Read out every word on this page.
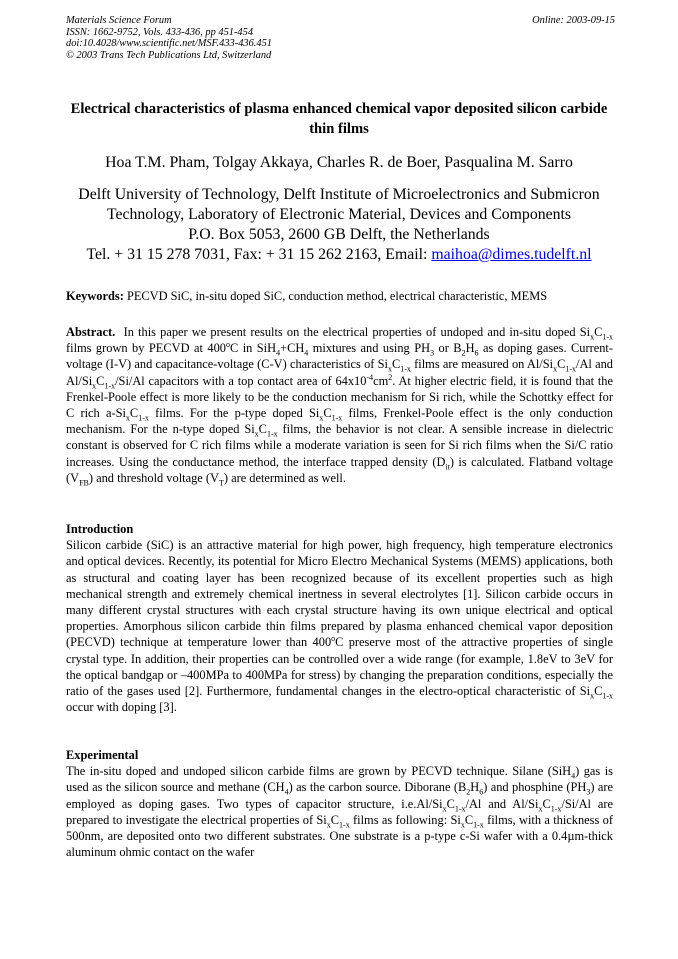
Materials Science Forum
ISSN: 1662-9752, Vols. 433-436, pp 451-454
doi:10.4028/www.scientific.net/MSF.433-436.451
© 2003 Trans Tech Publications Ltd, Switzerland
Online: 2003-09-15
Electrical characteristics of plasma enhanced chemical vapor deposited silicon carbide thin films
Hoa T.M. Pham, Tolgay Akkaya, Charles R. de Boer, Pasqualina M. Sarro
Delft University of Technology, Delft Institute of Microelectronics and Submicron
Technology, Laboratory of Electronic Material, Devices and Components
P.O. Box 5053, 2600 GB Delft, the Netherlands
Tel. + 31 15 278 7031, Fax: + 31 15 262 2163, Email: maihoa@dimes.tudelft.nl
Keywords: PECVD SiC, in-situ doped SiC, conduction method, electrical characteristic, MEMS
Abstract. In this paper we present results on the electrical properties of undoped and in-situ doped $Si_xC_{1-x}$ films grown by PECVD at 400$^o$C in $SiH_4+CH_4$ mixtures and using $PH_3$ or $B_2H_6$ as doping gases. Current-voltage (I-V) and capacitance-voltage (C-V) characteristics of $Si_xC_{1-x}$ films are measured on $Al/Si_xC_{1-x}/Al$ and $Al/Si_xC_{1-x}/Si/Al$ capacitors with a top contact area of $64x10^{-4}cm^2$. At higher electric field, it is found that the Frenkel-Poole effect is more likely to be the conduction mechanism for Si rich, while the Schottky effect for C rich $a-Si_xC_{1-x}$ films. For the p-type doped $Si_xC_{1-x}$ films, Frenkel-Poole effect is the only conduction mechanism. For the n-type doped $Si_xC_{1-x}$ films, the behavior is not clear. A sensible increase in dielectric constant is observed for C rich films while a moderate variation is seen for Si rich films when the Si/C ratio increases. Using the conductance method, the interface trapped density $(D_{it})$ is calculated. Flatband voltage $(V_{FB})$ and threshold voltage $(V_T)$ are determined as well.
Introduction
Silicon carbide (SiC) is an attractive material for high power, high frequency, high temperature electronics and optical devices. Recently, its potential for Micro Electro Mechanical Systems (MEMS) applications, both as structural and coating layer has been recognized because of its excellent properties such as high mechanical strength and extremely chemical inertness in several electrolytes [1]. Silicon carbide occurs in many different crystal structures with each crystal structure having its own unique electrical and optical properties. Amorphous silicon carbide thin films prepared by plasma enhanced chemical vapor deposition (PECVD) technique at temperature lower than 400$^o$C preserve most of the attractive properties of single crystal type. In addition, their properties can be controlled over a wide range (for example, 1.8eV to 3eV for the optical bandgap or –400MPa to 400MPa for stress) by changing the preparation conditions, especially the ratio of the gases used [2]. Furthermore, fundamental changes in the electro-optical characteristic of $Si_xC_{1-x}$ occur with doping [3].
Experimental
The in-situ doped and undoped silicon carbide films are grown by PECVD technique. Silane (SiH$_4$) gas is used as the silicon source and methane $(CH_4)$ as the carbon source. Diborane $(B_2H_6)$ and phosphine $(PH_3)$ are employed as doping gases. Two types of capacitor structure, $i.e.Al/Si_xC_{1-x}/Al$ and $Al/Si_xC_{1-x}/Si/Al$ are prepared to investigate the electrical properties of $Si_xC_{1-x}$ films as following: $Si_xC_{1-x}$ films, with a thickness of 500nm, are deposited onto two different substrates. One substrate is a p-type c-Si wafer with a 0.4µm-thick aluminum ohmic contact on the wafer
